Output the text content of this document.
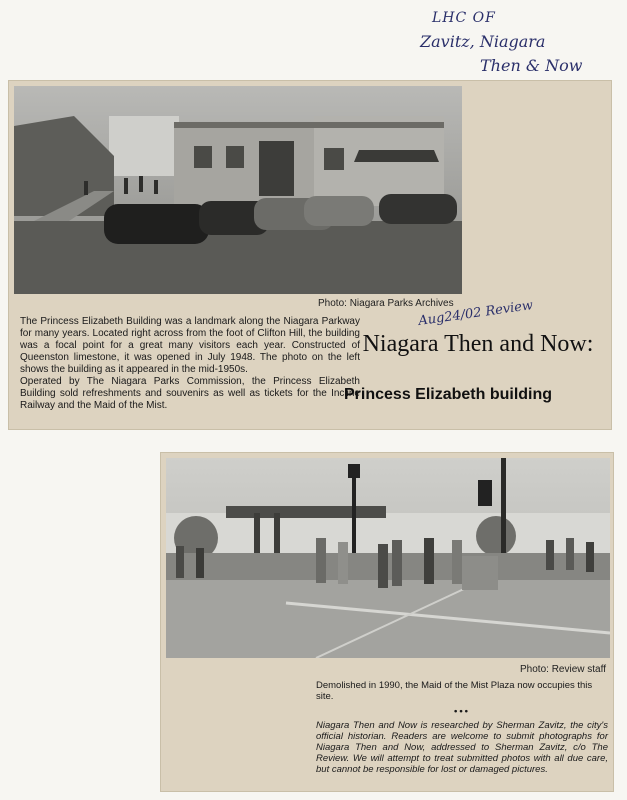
LHC OF
Zavitz, Niagara
Then & Now
Photo: Niagara Parks Archives

The Princess Elizabeth Building was a landmark along the Niagara Parkway for many years. Located right across from the foot of Clifton Hill, the building was a focal point for a great many visitors each year. Constructed of Queenston limestone, it was opened in July 1948. The photo on the left shows the building as it appeared in the mid-1950s.

Operated by The Niagara Parks Commission, the Princess Elizabeth Building sold refreshments and souvenirs as well as tickets for the Incline Railway and the Maid of the Mist.

Aug24/02 Review
Niagara Then and Now:
Princess Elizabeth building
Photo: Review staff

Demolished in 1990, the Maid of the Mist Plaza now occupies this site.

•••

Niagara Then and Now is researched by Sherman Zavitz, the city's official historian. Readers are welcome to submit photographs for Niagara Then and Now, addressed to Sherman Zavitz, c/o The Review. We will attempt to treat submitted photos with all due care, but cannot be responsible for lost or damaged pictures.
